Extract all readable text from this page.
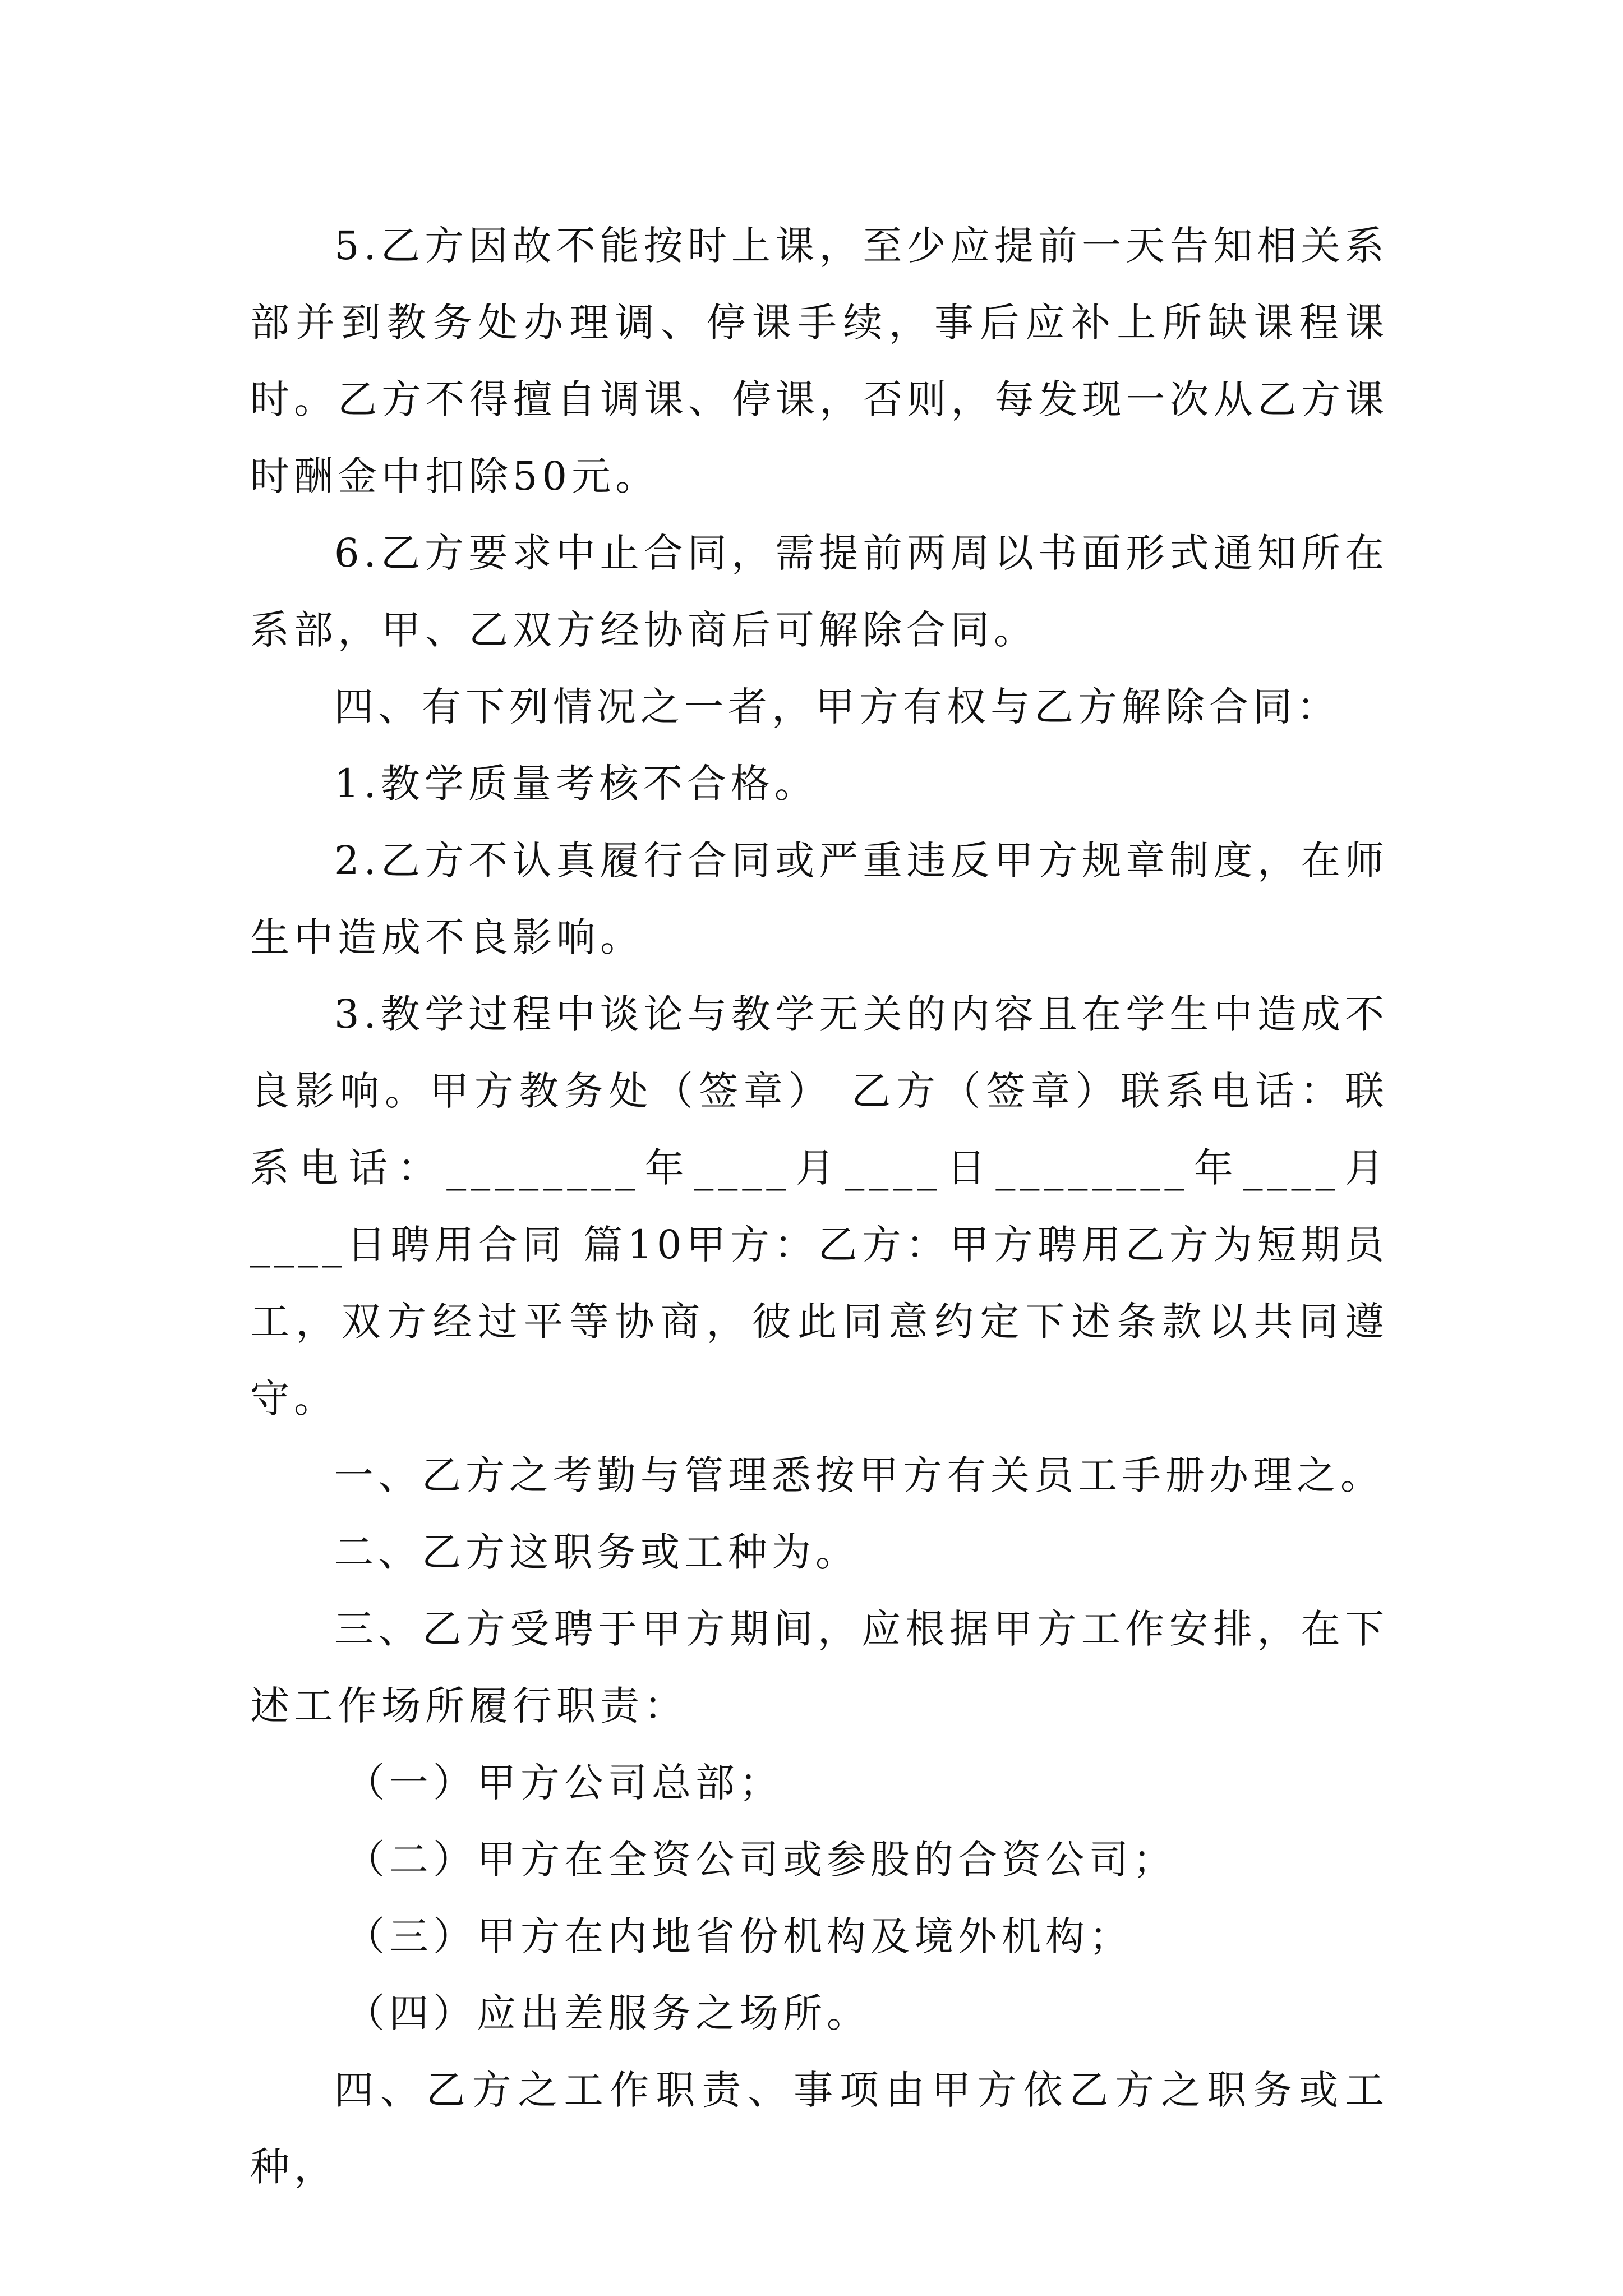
5.乙方因故不能按时上课，至少应提前一天告知相关系部并到教务处办理调、停课手续，事后应补上所缺课程课时。乙方不得擅自调课、停课，否则，每发现一次从乙方课时酬金中扣除50元。

6.乙方要求中止合同，需提前两周以书面形式通知所在系部，甲、乙双方经协商后可解除合同。

四、有下列情况之一者，甲方有权与乙方解除合同：

1.教学质量考核不合格。

2.乙方不认真履行合同或严重违反甲方规章制度，在师生中造成不良影响。

3.教学过程中谈论与教学无关的内容且在学生中造成不良影响。甲方教务处（签章） 乙方（签章）联系电话：联系电话：________年____月____日________年____月____日聘用合同 篇10甲方：乙方：甲方聘用乙方为短期员工，双方经过平等协商，彼此同意约定下述条款以共同遵守。

一、乙方之考勤与管理悉按甲方有关员工手册办理之。

二、乙方这职务或工种为。

三、乙方受聘于甲方期间，应根据甲方工作安排，在下述工作场所履行职责：

（一）甲方公司总部；

（二）甲方在全资公司或参股的合资公司；

（三）甲方在内地省份机构及境外机构；

（四）应出差服务之场所。

四、乙方之工作职责、事项由甲方依乙方之职务或工种，
